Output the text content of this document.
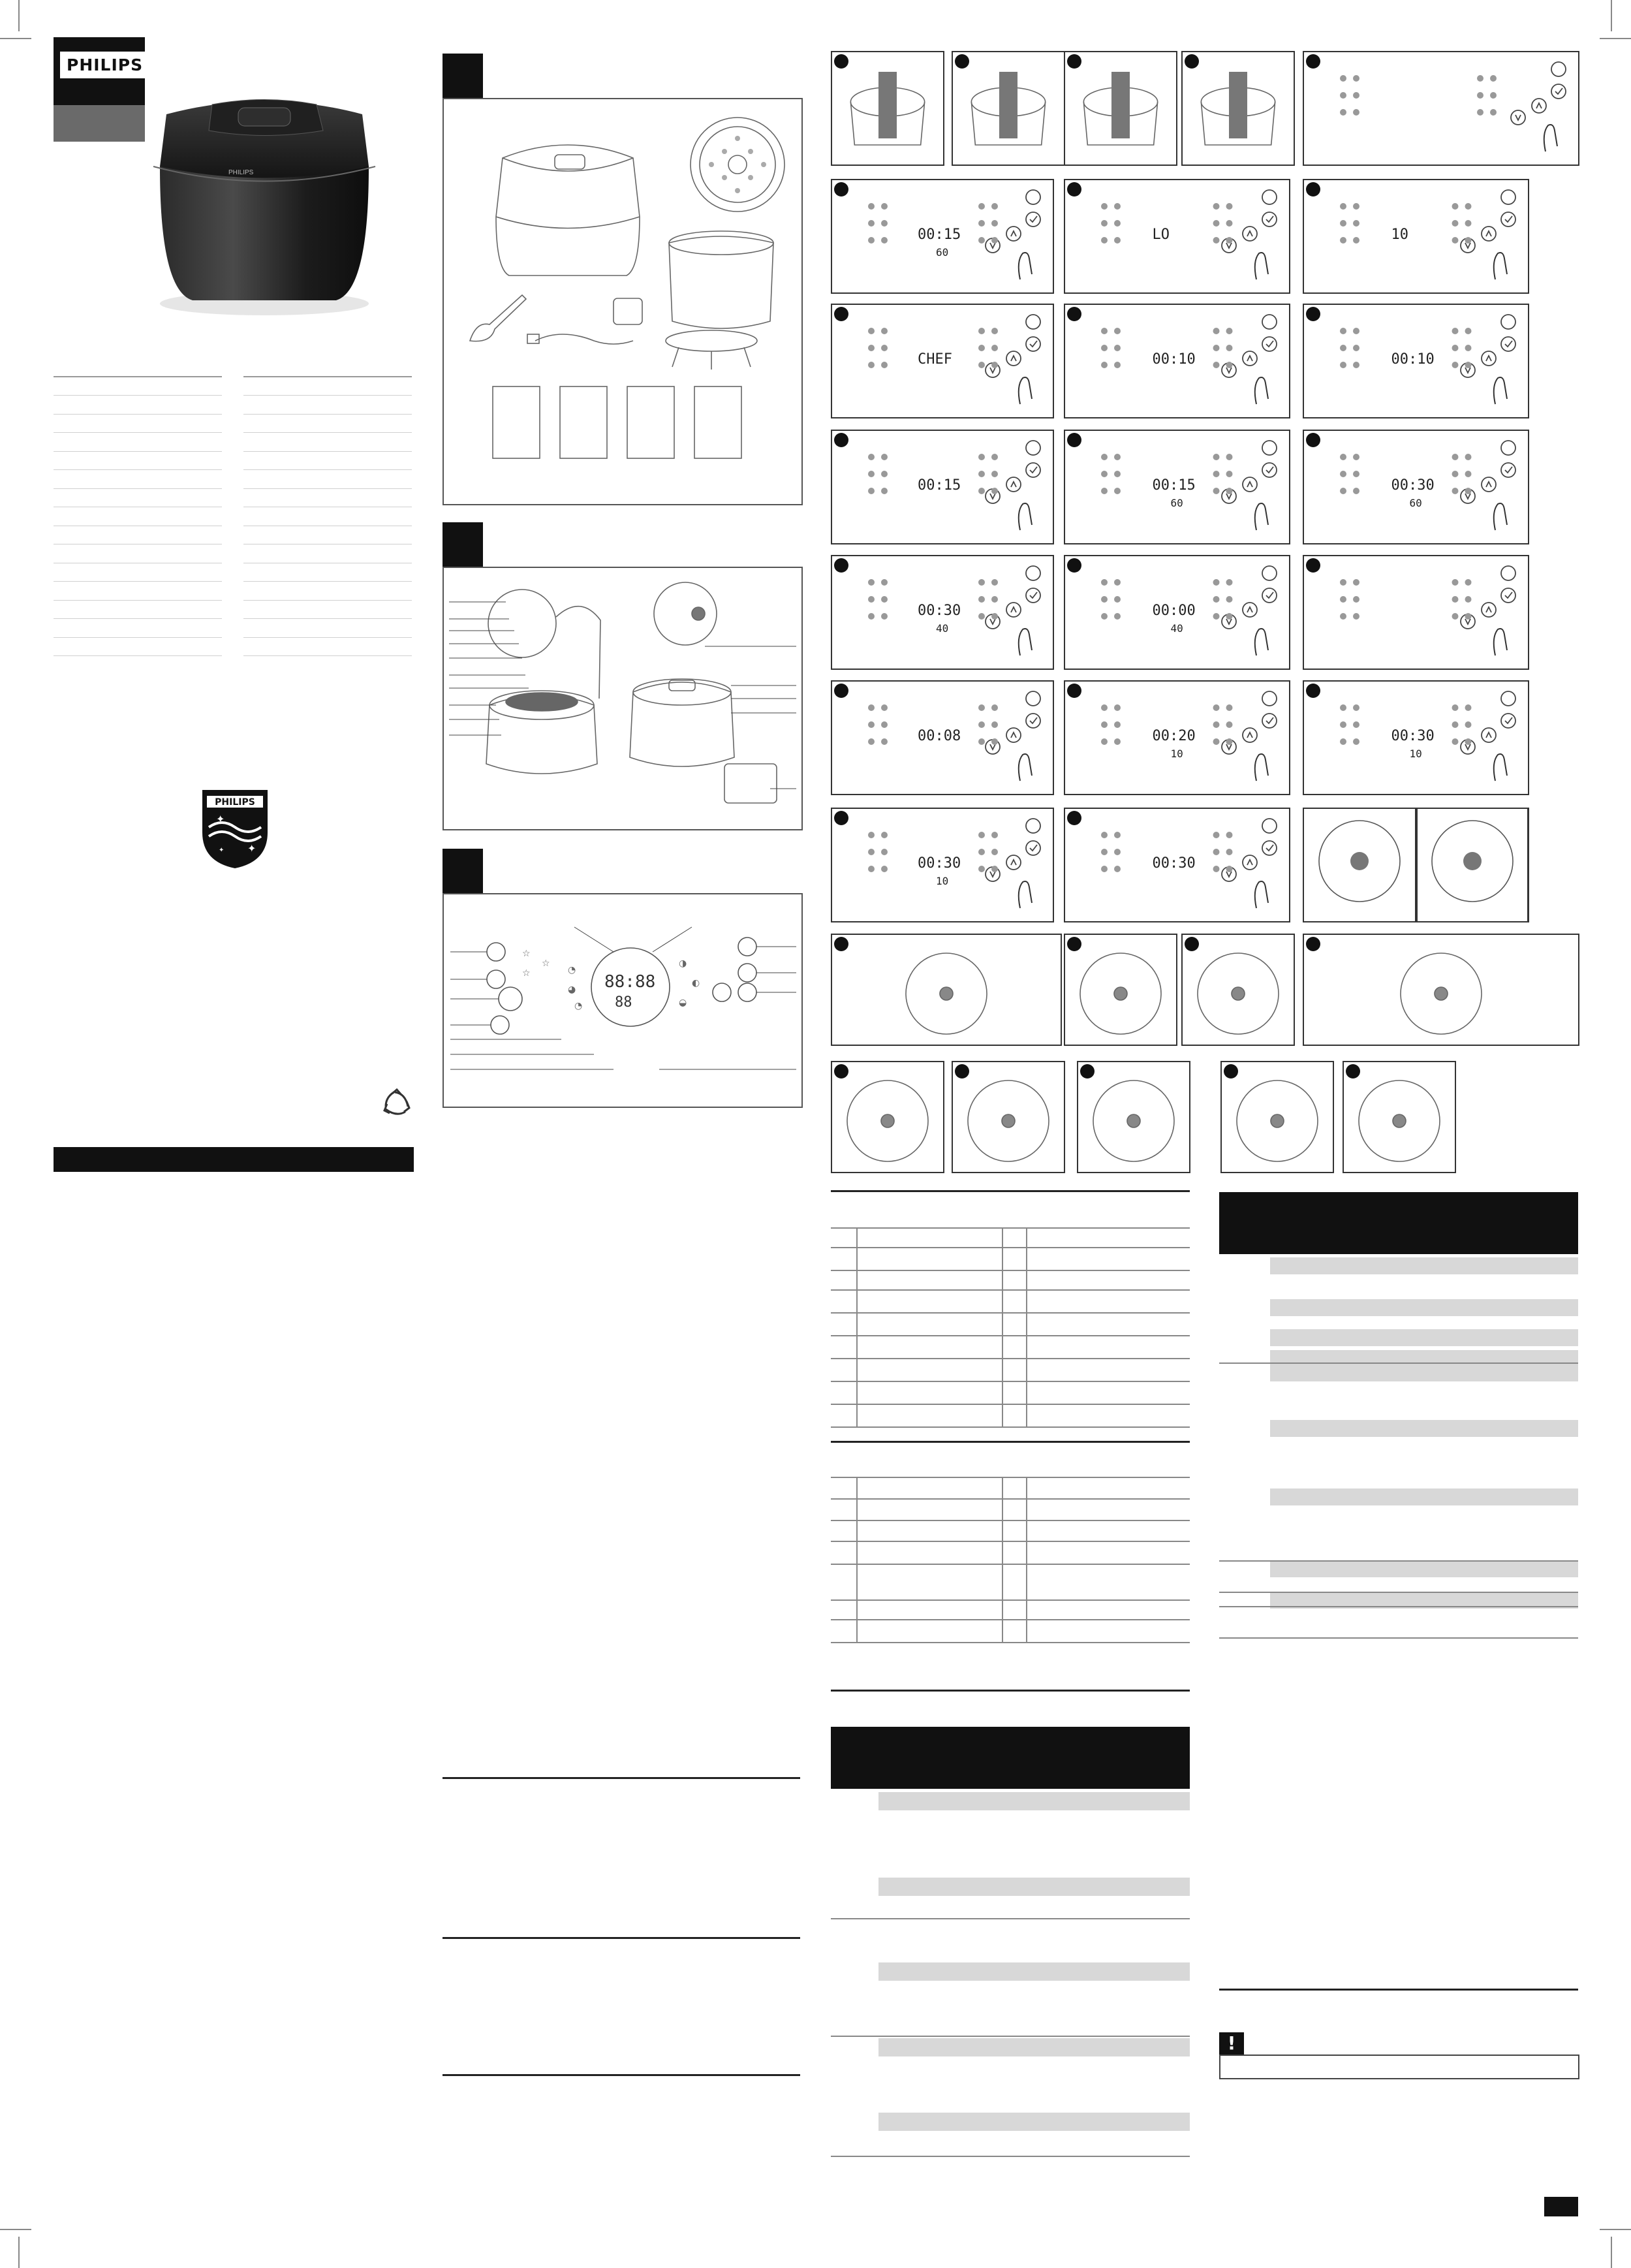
PHILIPS
PHILIPS
PHILIPS
✦
✦
✦
88:88
88
☆
☆
☆
◔
◕
◔
◑
◐
◒
00:15
60
LO	10
CHEF	00:10	00:10
00:15	00:15
60
00:30
60
00:30
40
00:00
40
00:08	00:20
10
00:30
10
00:30
10
00:30
!
